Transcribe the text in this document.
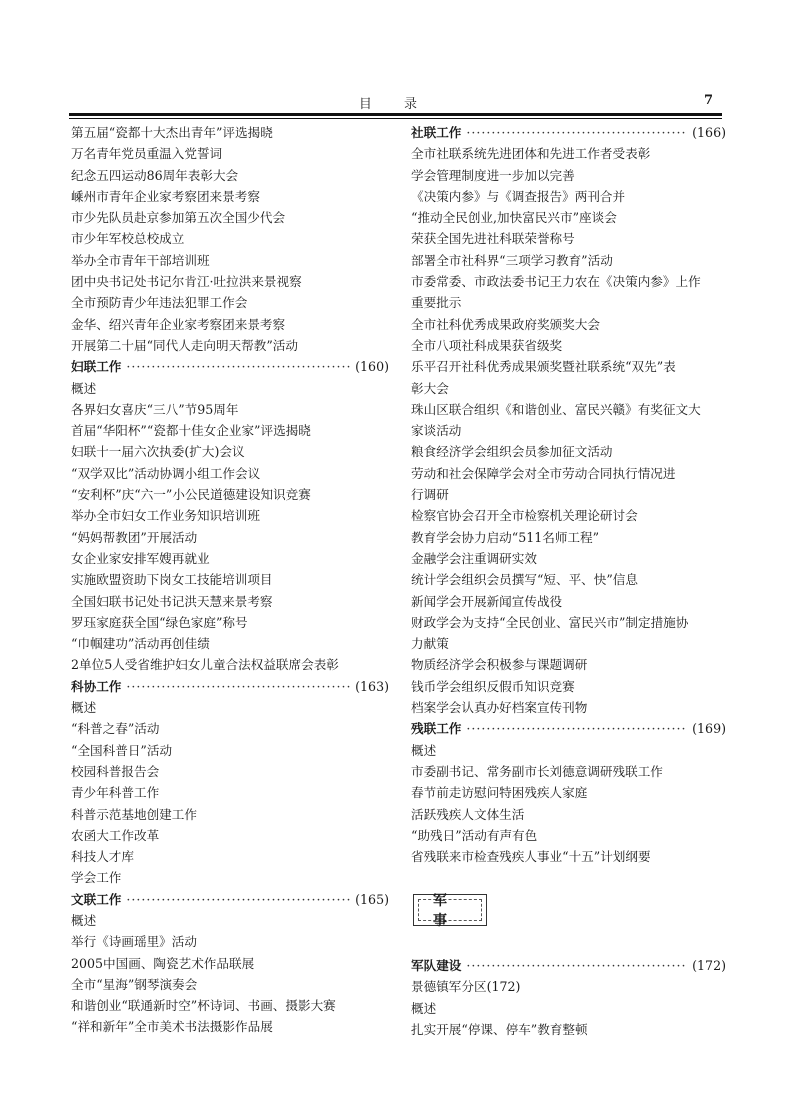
目 录	7
第五届“瓷都十大杰出青年”评选揭晓
万名青年党员重温入党誓词
纪念五四运动86周年表彰大会
嵊州市青年企业家考察团来景考察
市少先队员赴京参加第五次全国少代会
市少年军校总校成立
举办全市青年干部培训班
团中央书记处书记尔肯江·吐拉洪来景视察
全市预防青少年违法犯罪工作会
金华、绍兴青年企业家考察团来景考察
开展第二十届“同代人走向明天帮教”活动
妇联工作 ·····	(160)
概述
各界妇女喜庆“三八”节95周年
首届“华阳杯”“瓷都十佳女企业家”评选揭晓
妇联十一届六次执委(扩大)会议
“双学双比”活动协调小组工作会议
“安利杯”庆“六一”小公民道德建设知识竞赛
举办全市妇女工作业务知识培训班
“妈妈帮教团”开展活动
女企业家安排军嫂再就业
实施欧盟资助下岗女工技能培训项目
全国妇联书记处书记洪天慧来景考察
罗珏家庭获全国“绿色家庭”称号
“巾帼建功”活动再创佳绩
2单位5人受省维护妇女儿童合法权益联席会表彰
科协工作 ·····	(163)
概述
“科普之春”活动
“全国科普日”活动
校园科普报告会
青少年科普工作
科普示范基地创建工作
农函大工作改革
科技人才库
学会工作
文联工作 ·····	(165)
概述
举行《诗画瑶里》活动
2005中国画、陶瓷艺术作品联展
全市“星海”钢琴演奏会
和谐创业“联通新时空”杯诗词、书画、摄影大赛
“祥和新年”全市美术书法摄影作品展
社联工作 ·····	(166)
全市社联系统先进团体和先进工作者受表彰
学会管理制度进一步加以完善
《决策内参》与《调查报告》两刊合并
“推动全民创业,加快富民兴市”座谈会
荣获全国先进社科联荣誉称号
部署全市社科界“三项学习教育”活动
市委常委、市政法委书记王力农在《决策内参》上作
重要批示
全市社科优秀成果政府奖颁奖大会
全市八项社科成果获省级奖
乐平召开社科优秀成果颁奖暨社联系统“双先”表
彰大会
珠山区联合组织《和谐创业、富民兴赣》有奖征文大
家谈活动
粮食经济学会组织会员参加征文活动
劳动和社会保障学会对全市劳动合同执行情况进
行调研
检察官协会召开全市检察机关理论研讨会
教育学会协力启动“511名师工程”
金融学会注重调研实效
统计学会组织会员撰写“短、平、快”信息
新闻学会开展新闻宣传战役
财政学会为支持“全民创业、富民兴市”制定措施协
力献策
物质经济学会积极参与课题调研
钱币学会组织反假币知识竞赛
档案学会认真办好档案宣传刊物
残联工作 ·····	(169)
概述
市委副书记、常务副市长刘德意调研残联工作
春节前走访慰问特困残疾人家庭
活跃残疾人文体生活
“助残日”活动有声有色
省残联来市检查残疾人事业“十五”计划纲要
军 事
军队建设 ·····	(172)
景德镇军分区 (172)
概述
扎实开展“停课、停车”教育整顿
